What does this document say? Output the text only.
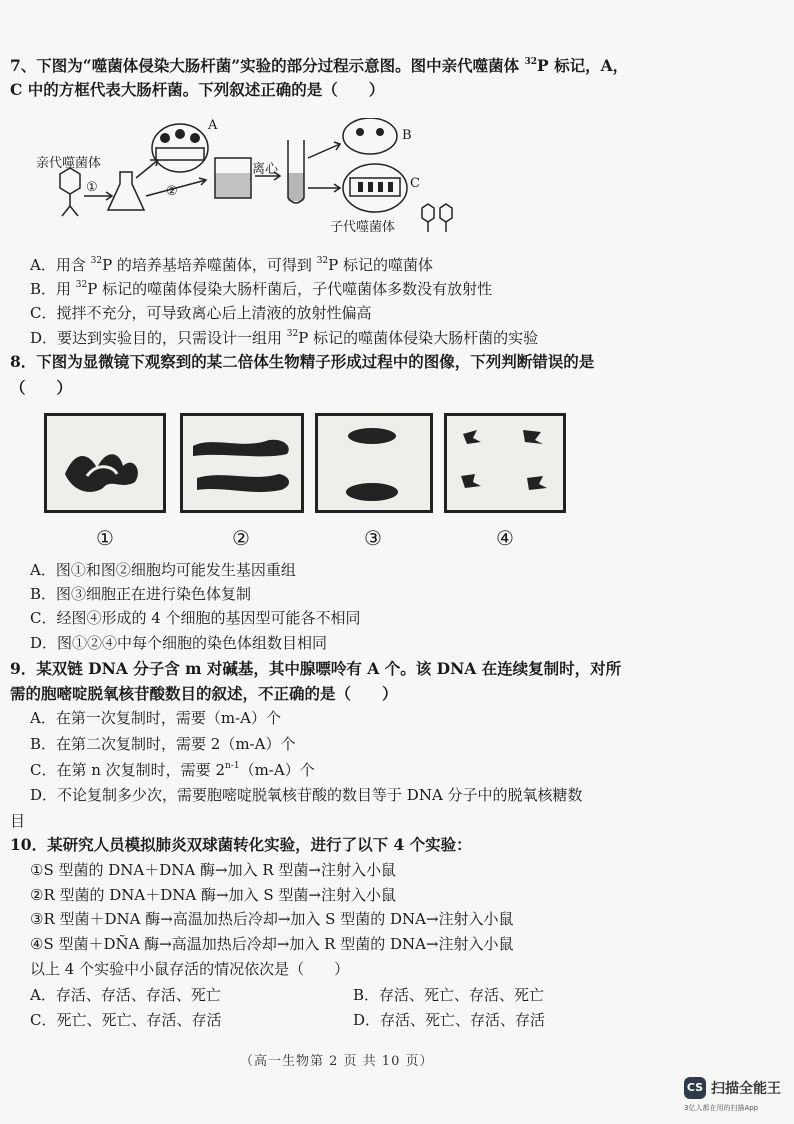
7、下图为“噬菌体侵染大肠杆菌”实验的部分过程示意图。图中亲代噬菌体 $^{32}$P 标记，A，
C 中的方框代表大肠杆菌。下列叙述正确的是（　　）
亲代噬菌体
①	②
离心
A
B
C
子代噬菌体
A．用含 $^{32}$P 的培养基培养噬菌体，可得到 $^{32}$P 标记的噬菌体
B．用 $^{32}$P 标记的噬菌体侵染大肠杆菌后，子代噬菌体多数没有放射性
C．搅拌不充分，可导致离心后上清液的放射性偏高
D．要达到实验目的，只需设计一组用 $^{32}$P 标记的噬菌体侵染大肠杆菌的实验
8．下图为显微镜下观察到的某二倍体生物精子形成过程中的图像，下列判断错误的是
（　　）
①	②	③	④
A．图①和图②细胞均可能发生基因重组
B．图③细胞正在进行染色体复制
C．经图④形成的 4 个细胞的基因型可能各不相同
D．图①②④中每个细胞的染色体组数目相同
9．某双链 DNA 分子含 m 对碱基，其中腺嘌呤有 A 个。该 DNA 在连续复制时，对所
需的胞嘧啶脱氧核苷酸数目的叙述，不正确的是（　　）
A．在第一次复制时，需要（m-A）个
B．在第二次复制时，需要 2（m-A）个
C．在第 n 次复制时，需要 2$^{n-1}$（m-A）个
D．不论复制多少次，需要胞嘧啶脱氧核苷酸的数目等于 DNA 分子中的脱氧核糖数
目
10．某研究人员模拟肺炎双球菌转化实验，进行了以下 4 个实验：
①S 型菌的 DNA＋DNA 酶→加入 R 型菌→注射入小鼠
②R 型菌的 DNA＋DNA 酶→加入 S 型菌→注射入小鼠
③R 型菌＋DNA 酶→高温加热后冷却→加入 S 型菌的 DNA→注射入小鼠
④S 型菌＋DÑA 酶→高温加热后冷却→加入 R 型菌的 DNA→注射入小鼠
以上 4 个实验中小鼠存活的情况依次是（　　）
A．存活、存活、存活、死亡	B．存活、死亡、存活、死亡
C．死亡、死亡、存活、存活	D．存活、死亡、存活、存活
（高一生物第 2 页 共 10 页）
CS 扫描全能王
3亿人都在用的扫描App
